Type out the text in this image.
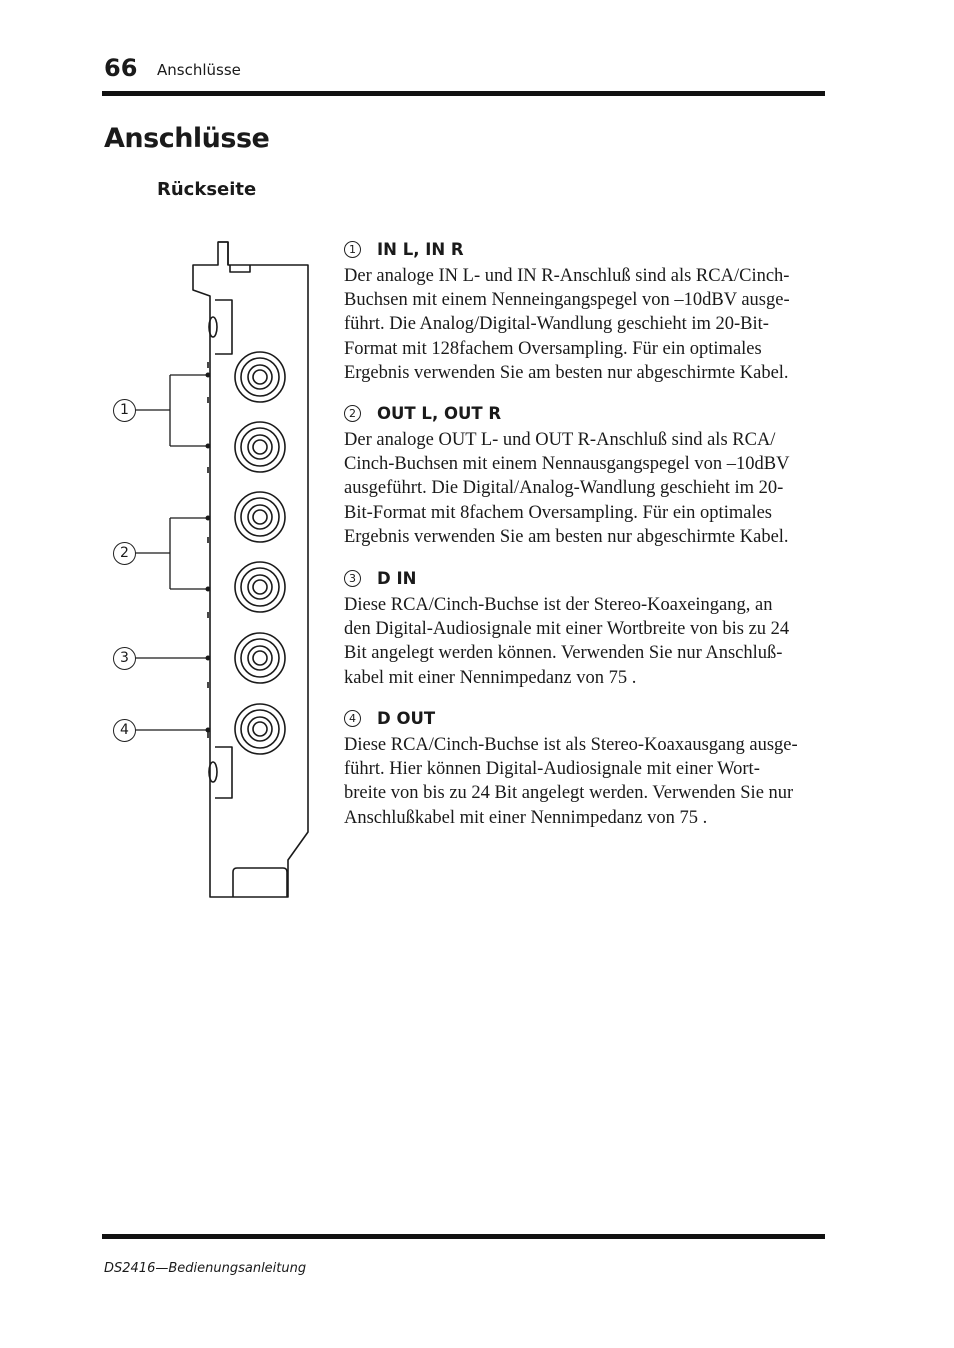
66 Anschlüsse
Anschlüsse
Rückseite
1
2
3
4
1	IN L, IN R
Der analoge IN L- und IN R-Anschluß sind als RCA/Cinch-
Buchsen mit einem Nenneingangspegel von –10dBV ausge-
führt. Die Analog/Digital-Wandlung geschieht im 20-Bit-
Format mit 128fachem Oversampling. Für ein optimales
Ergebnis verwenden Sie am besten nur abgeschirmte Kabel.
2	OUT L, OUT R
Der analoge OUT L- und OUT R-Anschluß sind als RCA/
Cinch-Buchsen mit einem Nennausgangspegel von –10dBV
ausgeführt. Die Digital/Analog-Wandlung geschieht im 20-
Bit-Format mit 8fachem Oversampling. Für ein optimales
Ergebnis verwenden Sie am besten nur abgeschirmte Kabel.
3	D IN
Diese RCA/Cinch-Buchse ist der Stereo-Koaxeingang, an
den Digital-Audiosignale mit einer Wortbreite von bis zu 24
Bit angelegt werden können. Verwenden Sie nur Anschluß-
kabel mit einer Nennimpedanz von 75 .
4	D OUT
Diese RCA/Cinch-Buchse ist als Stereo-Koaxausgang ausge-
führt. Hier können Digital-Audiosignale mit einer Wort-
breite von bis zu 24 Bit angelegt werden. Verwenden Sie nur
Anschlußkabel mit einer Nennimpedanz von 75 .
DS2416—Bedienungsanleitung
